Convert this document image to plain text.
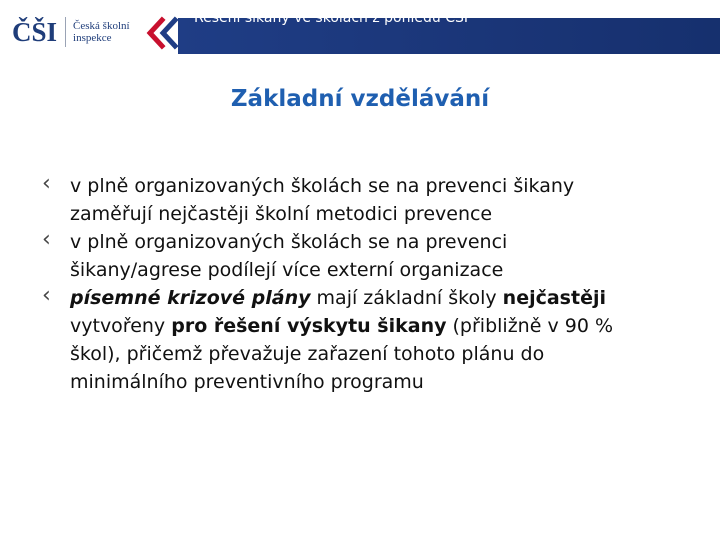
ČŠI Česká školní
inspekce
Řešení šikany ve školách z pohledu ČŠI
Základní vzdělávání
‹ v plně organizovaných školách se na prevenci šikany
zaměřují nejčastěji školní metodici prevence
‹ v plně organizovaných školách se na prevenci
šikany/agrese podílejí více externí organizace
‹ písemné krizové plány mají základní školy nejčastěji
vytvořeny pro řešení výskytu šikany (přibližně v 90 %
škol), přičemž převažuje zařazení tohoto plánu do
minimálního preventivního programu
